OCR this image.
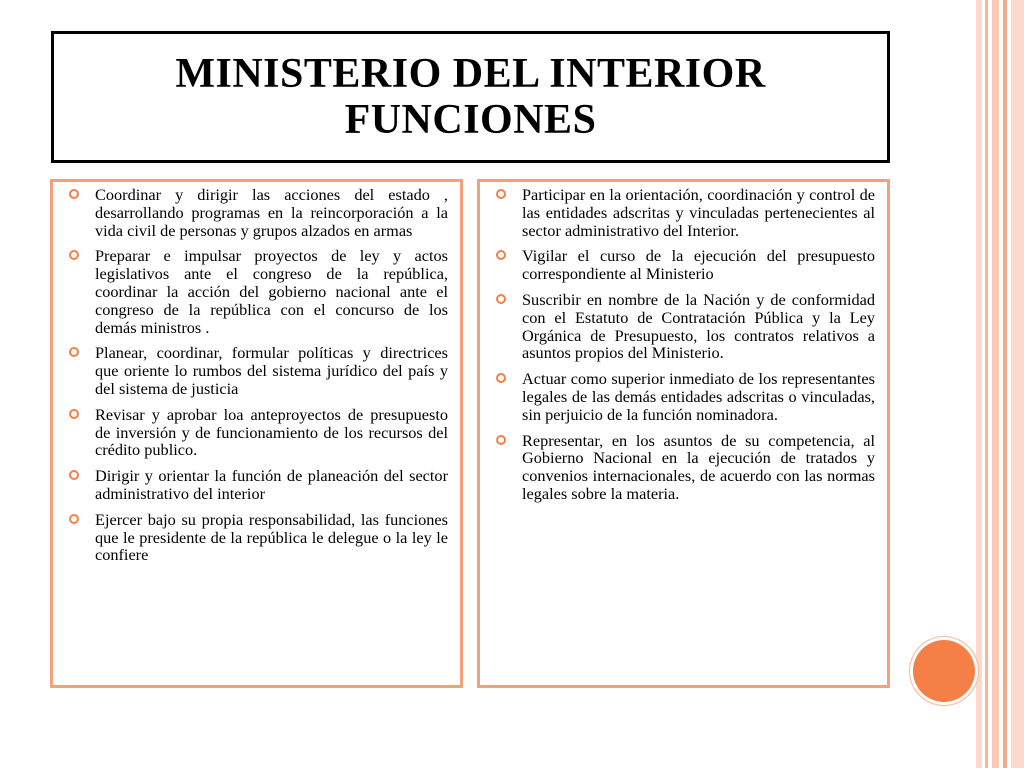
MINISTERIO DEL INTERIOR
FUNCIONES
Coordinar y dirigir las acciones del estado , desarrollando programas en la reincorporación a la vida civil de personas y grupos alzados en armas
Preparar e impulsar proyectos de ley y actos legislativos ante el congreso de la república, coordinar la acción del gobierno nacional ante el congreso de la república con el concurso de los demás ministros .
Planear, coordinar, formular políticas y directrices que oriente lo rumbos del sistema jurídico del país y del sistema de justicia
Revisar y aprobar loa anteproyectos de presupuesto de inversión y de funcionamiento de los recursos del crédito publico.
Dirigir y orientar la función de planeación del sector administrativo del interior
Ejercer bajo su propia responsabilidad, las funciones que le presidente de la república le delegue o la ley le confiere
Participar en la orientación, coordinación y control de las entidades adscritas y vinculadas pertenecientes al sector administrativo del Interior.
Vigilar el curso de la ejecución del presupuesto correspondiente al Ministerio
Suscribir en nombre de la Nación y de conformidad con el Estatuto de Contratación Pública y la Ley Orgánica de Presupuesto, los contratos relativos a asuntos propios del Ministerio.
Actuar como superior inmediato de los representantes legales de las demás entidades adscritas o vinculadas, sin perjuicio de la función nominadora.
Representar, en los asuntos de su competencia, al Gobierno Nacional en la ejecución de tratados y convenios internacionales, de acuerdo con las normas legales sobre la materia.
